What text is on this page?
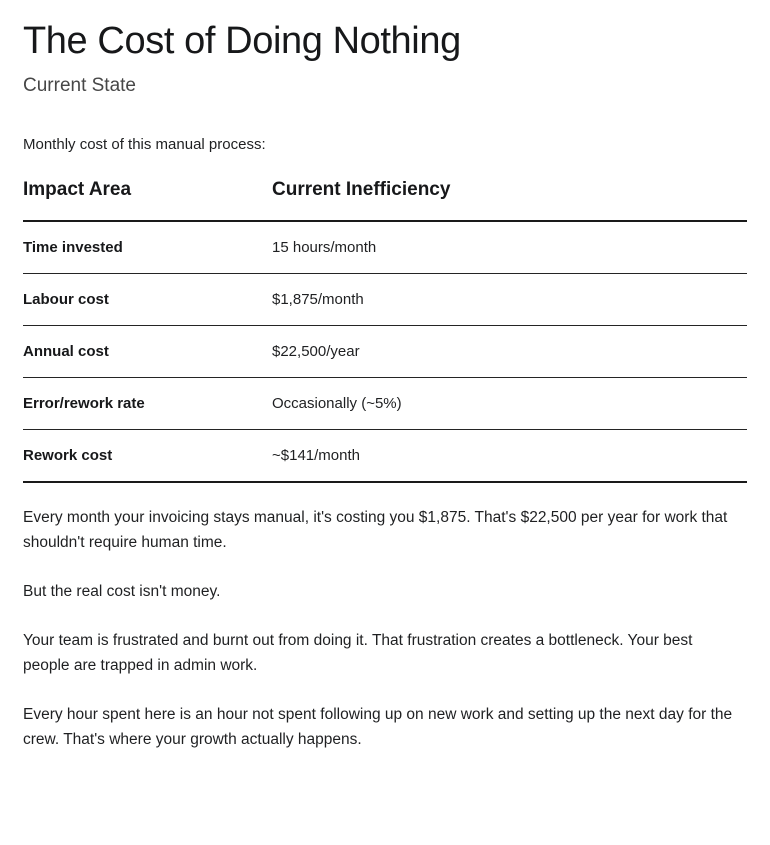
The Cost of Doing Nothing

Current State

Monthly cost of this manual process:

Impact Area	Current Inefficiency
Time invested	15 hours/month
Labour cost	$1,875/month
Annual cost	$22,500/year
Error/rework rate	Occasionally (~5%)
Rework cost	~$141/month

Every month your invoicing stays manual, it's costing you $1,875. That's $22,500 per year for work that shouldn't require human time.

But the real cost isn't money.

Your team is frustrated and burnt out from doing it. That frustration creates a bottleneck. Your best people are trapped in admin work.

Every hour spent here is an hour not spent following up on new work and setting up the next day for the crew. That's where your growth actually happens.
